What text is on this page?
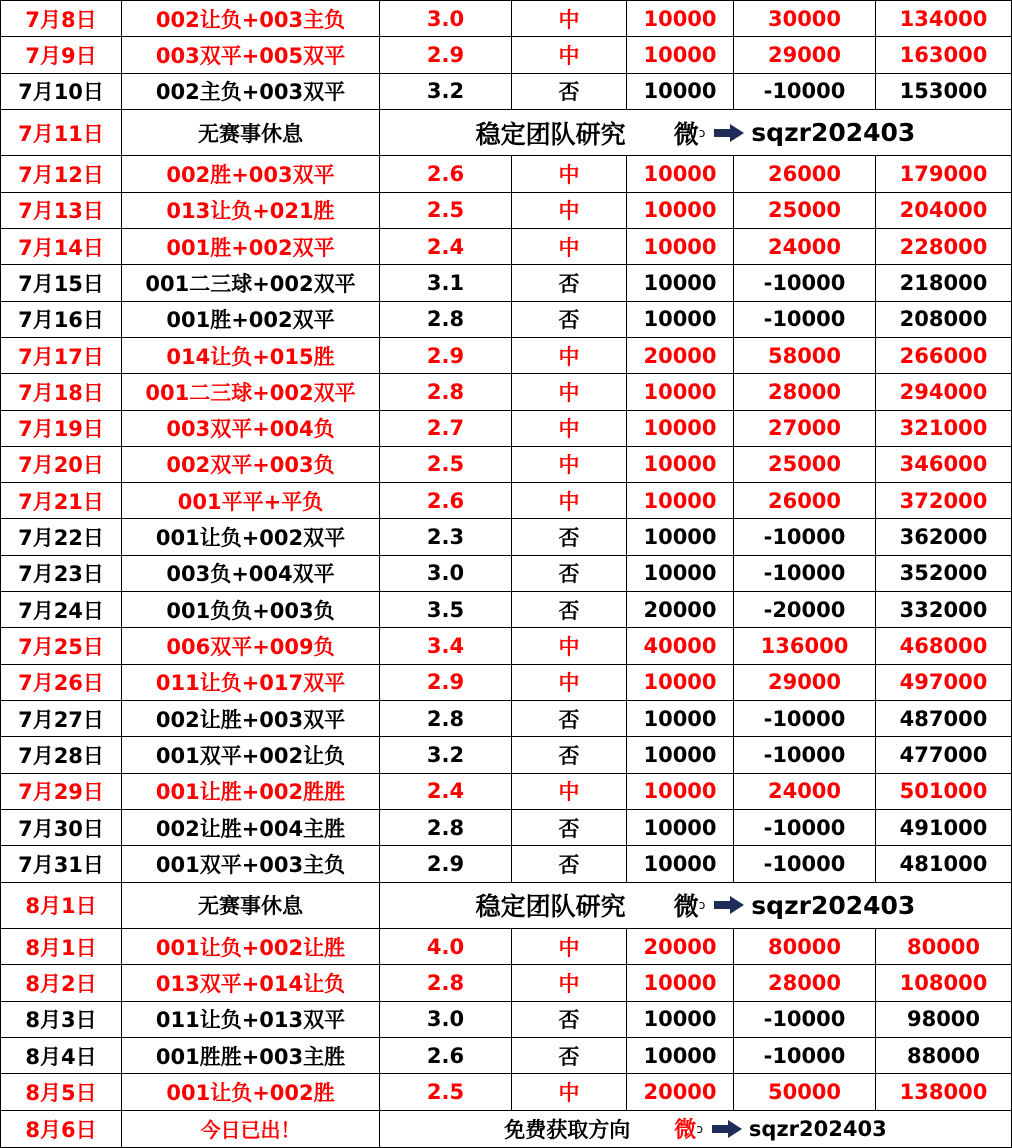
7月8日	002让负+003主负	3.0	中	10000	30000	134000
7月9日	003双平+005双平	2.9	中	10000	29000	163000
7月10日	002主负+003双平	3.2	否	10000	-10000	153000
7月11日	无赛事休息	稳定团队研究 微 ↄ sqzr202403				

7月12日	002胜+003双平	2.6	中	10000	26000	179000
7月13日	013让负+021胜	2.5	中	10000	25000	204000
7月14日	001胜+002双平	2.4	中	10000	24000	228000
7月15日	001二三球+002双平	3.1	否	10000	-10000	218000
7月16日	001胜+002双平	2.8	否	10000	-10000	208000
7月17日	014让负+015胜	2.9	中	20000	58000	266000
7月18日	001二三球+002双平	2.8	中	10000	28000	294000
7月19日	003双平+004负	2.7	中	10000	27000	321000
7月20日	002双平+003负	2.5	中	10000	25000	346000
7月21日	001平平+平负	2.6	中	10000	26000	372000
7月22日	001让负+002双平	2.3	否	10000	-10000	362000
7月23日	003负+004双平	3.0	否	10000	-10000	352000
7月24日	001负负+003负	3.5	否	20000	-20000	332000
7月25日	006双平+009负	3.4	中	40000	136000	468000
7月26日	011让负+017双平	2.9	中	10000	29000	497000
7月27日	002让胜+003双平	2.8	否	10000	-10000	487000
7月28日	001双平+002让负	3.2	否	10000	-10000	477000
7月29日	001让胜+002胜胜	2.4	中	10000	24000	501000
7月30日	002让胜+004主胜	2.8	否	10000	-10000	491000
7月31日	001双平+003主负	2.9	否	10000	-10000	481000
8月1日	无赛事休息	稳定团队研究 微 ↄ sqzr202403				

8月1日	001让负+002让胜	4.0	中	20000	80000	80000
8月2日	013双平+014让负	2.8	中	10000	28000	108000
8月3日	011让负+013双平	3.0	否	10000	-10000	98000
8月4日	001胜胜+003主胜	2.6	否	10000	-10000	88000
8月5日	001让负+002胜	2.5	中	20000	50000	138000
8月6日	今日已出！	免费获取方向 微 ↄ sqzr202403				
